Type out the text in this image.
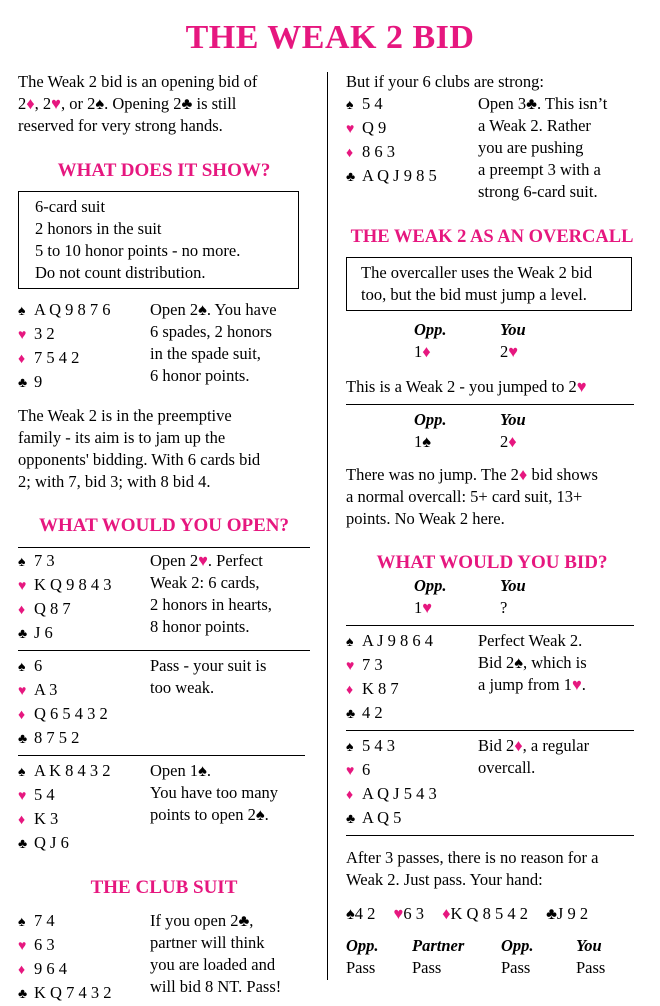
THE WEAK 2 BID

The Weak 2 bid is an opening bid of

2♦, 2♥, or 2♠. Opening 2♣ is still

reserved for very strong hands.

WHAT DOES IT SHOW?

6-card suit

2 honors in the suit

5 to 10 honor points - no more.

Do not count distribution.

♠ A Q 9 8 7 6
♥ 3 2
♦ 7 5 4 2
♣ 9
Open 2♠. You have
6 spades, 2 honors
in the spade suit,
6 honor points.

The Weak 2 is in the preemptive

family - its aim is to jam up the

opponents' bidding. With 6 cards bid

2; with 7, bid 3; with 8 bid 4.

WHAT WOULD YOU OPEN?
♠ 7 3
♥ K Q 9 8 4 3
♦ Q 8 7
♣ J 6
Open 2♥. Perfect
Weak 2: 6 cards,
2 honors in hearts,
8 honor points.
♠ 6
♥ A 3
♦ Q 6 5 4 3 2
♣ 8 7 5 2
Pass - your suit is
too weak.
♠ A K 8 4 3 2
♥ 5 4
♦ K 3
♣ Q J 6
Open 1♠.
You have too many
points to open 2♠.
THE CLUB SUIT
♠ 7 4
♥ 6 3
♦ 9 6 4
♣ K Q 7 4 3 2
If you open 2♣,
partner will think
you are loaded and
will bid 8 NT. Pass!

But if your 6 clubs are strong:

♠ 5 4
♥ Q 9
♦ 8 6 3
♣ A Q J 9 8 5
Open 3♣. This isn’t
a Weak 2. Rather
you are pushing
a preempt 3 with a
strong 6-card suit.
THE WEAK 2 AS AN OVERCALL

The overcaller uses the Weak 2 bid

too, but the bid must jump a level.

Opp.	You
1♦	2♥

This is a Weak 2 - you jumped to 2♥

Opp.	You
1♠	2♦

There was no jump. The 2♦ bid shows

a normal overcall: 5+ card suit, 13+

points. No Weak 2 here.

WHAT WOULD YOU BID?
Opp.	You
1♥	?
♠ A J 9 8 6 4
♥ 7 3
♦ K 8 7
♣ 4 2
Perfect Weak 2.
Bid 2♠, which is
a jump from 1♥.
♠ 5 4 3
♥ 6
♦ A Q J 5 4 3
♣ A Q 5
Bid 2♦, a regular
overcall.

After 3 passes, there is no reason for a

Weak 2. Just pass. Your hand:

♠4 2 ♥6 3 ♦K Q 8 5 4 2 ♣J 9 2
Opp.	Partner	Opp.	You
Pass	Pass	Pass	Pass
